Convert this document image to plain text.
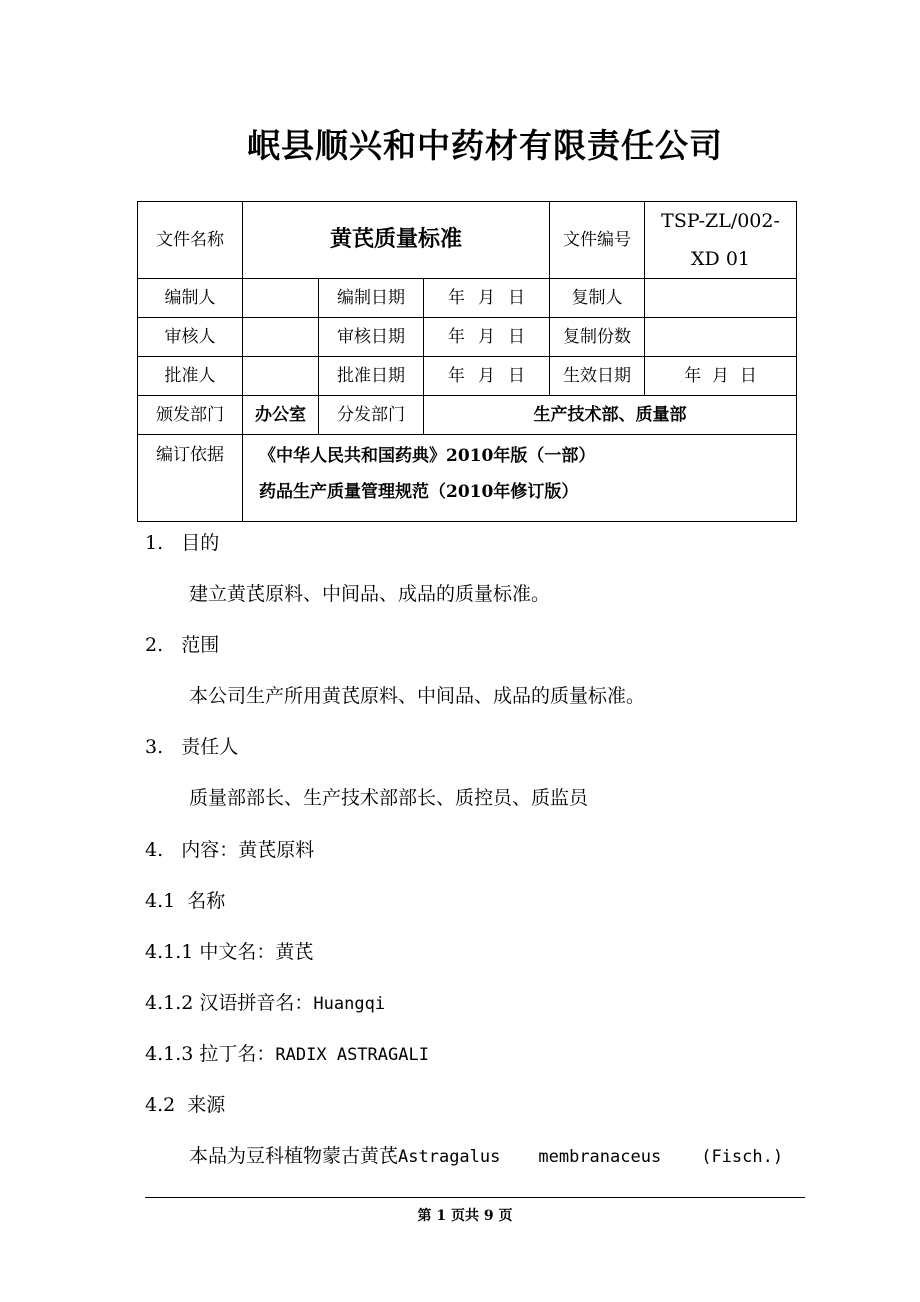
岷县顺兴和中药材有限责任公司
文件名称	黄芪质量标准			文件编号	TSP-ZL/002-
XD 01

编制人		编制日期	年 月 日	复制人	
审核人		审核日期	年 月 日	复制份数	
批准人		批准日期	年 月 日	生效日期	年  月  日
颁发部门	办公室	分发部门	生产技术部、质量部		
编订依据	《中华人民共和国药典》2010年版（一部）
药品生产质量管理规范（2010年修订版）				
1. 目的
建立黄芪原料、中间品、成品的质量标准。
2. 范围
本公司生产所用黄芪原料、中间品、成品的质量标准。
3. 责任人
质量部部长、生产技术部部长、质控员、质监员
4. 内容：黄芪原料
4.1  名称
4.1.1 中文名：黄芪
4.1.2 汉语拼音名：Huangqi
4.1.3 拉丁名：RADIX ASTRAGALI
4.2  来源
本品为豆科植物蒙古黄芪Astragalus membranaceus (Fisch.)
第 1 页共 9 页
